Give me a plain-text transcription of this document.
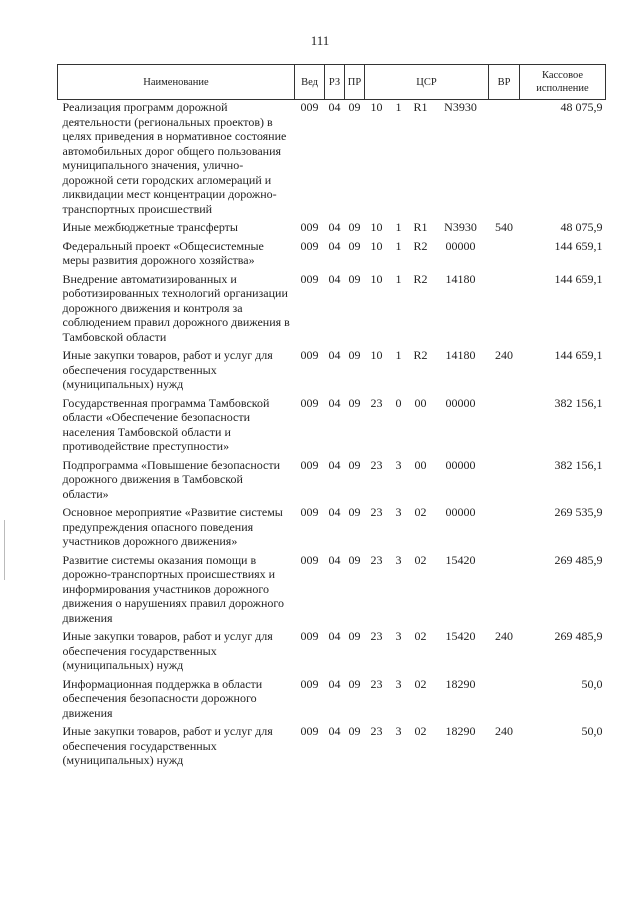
111
Наименование	Вед	РЗ	ПР	ЦСР				ВР	Кассовое исполнение
Реализация программ дорожной деятельности (региональных проектов) в целях приведения в нормативное состояние автомобильных дорог общего пользования муниципального значения, улично-дорожной сети городских агломераций и ликвидации мест концентрации дорожно-транспортных происшествий	009	04	09	10	1	R1	N3930		48 075,9

Иные межбюджетные трансферты	009	04	09	10	1	R1	N3930	540	48 075,9

Федеральный проект «Общесистемные меры развития дорожного хозяйства»	009	04	09	10	1	R2	00000		144 659,1

Внедрение автоматизированных и роботизированных технологий организации дорожного движения и контроля за соблюдением правил дорожного движения в Тамбовской области	009	04	09	10	1	R2	14180		144 659,1

Иные закупки товаров, работ и услуг для обеспечения государственных (муниципальных) нужд	009	04	09	10	1	R2	14180	240	144 659,1

Государственная программа Тамбовской области «Обеспечение безопасности населения Тамбовской области и противодействие преступности»	009	04	09	23	0	00	00000		382 156,1

Подпрограмма «Повышение безопасности дорожного движения в Тамбовской области»	009	04	09	23	3	00	00000		382 156,1

Основное мероприятие «Развитие системы предупреждения опасного поведения участников дорожного движения»	009	04	09	23	3	02	00000		269 535,9

Развитие системы оказания помощи в дорожно-транспортных происшествиях и информирования участников дорожного движения о нарушениях правил дорожного движения	009	04	09	23	3	02	15420		269 485,9

Иные закупки товаров, работ и услуг для обеспечения государственных (муниципальных) нужд	009	04	09	23	3	02	15420	240	269 485,9

Информационная поддержка в области обеспечения безопасности дорожного движения	009	04	09	23	3	02	18290		50,0

Иные закупки товаров, работ и услуг для обеспечения государственных (муниципальных) нужд	009	04	09	23	3	02	18290	240	50,0
